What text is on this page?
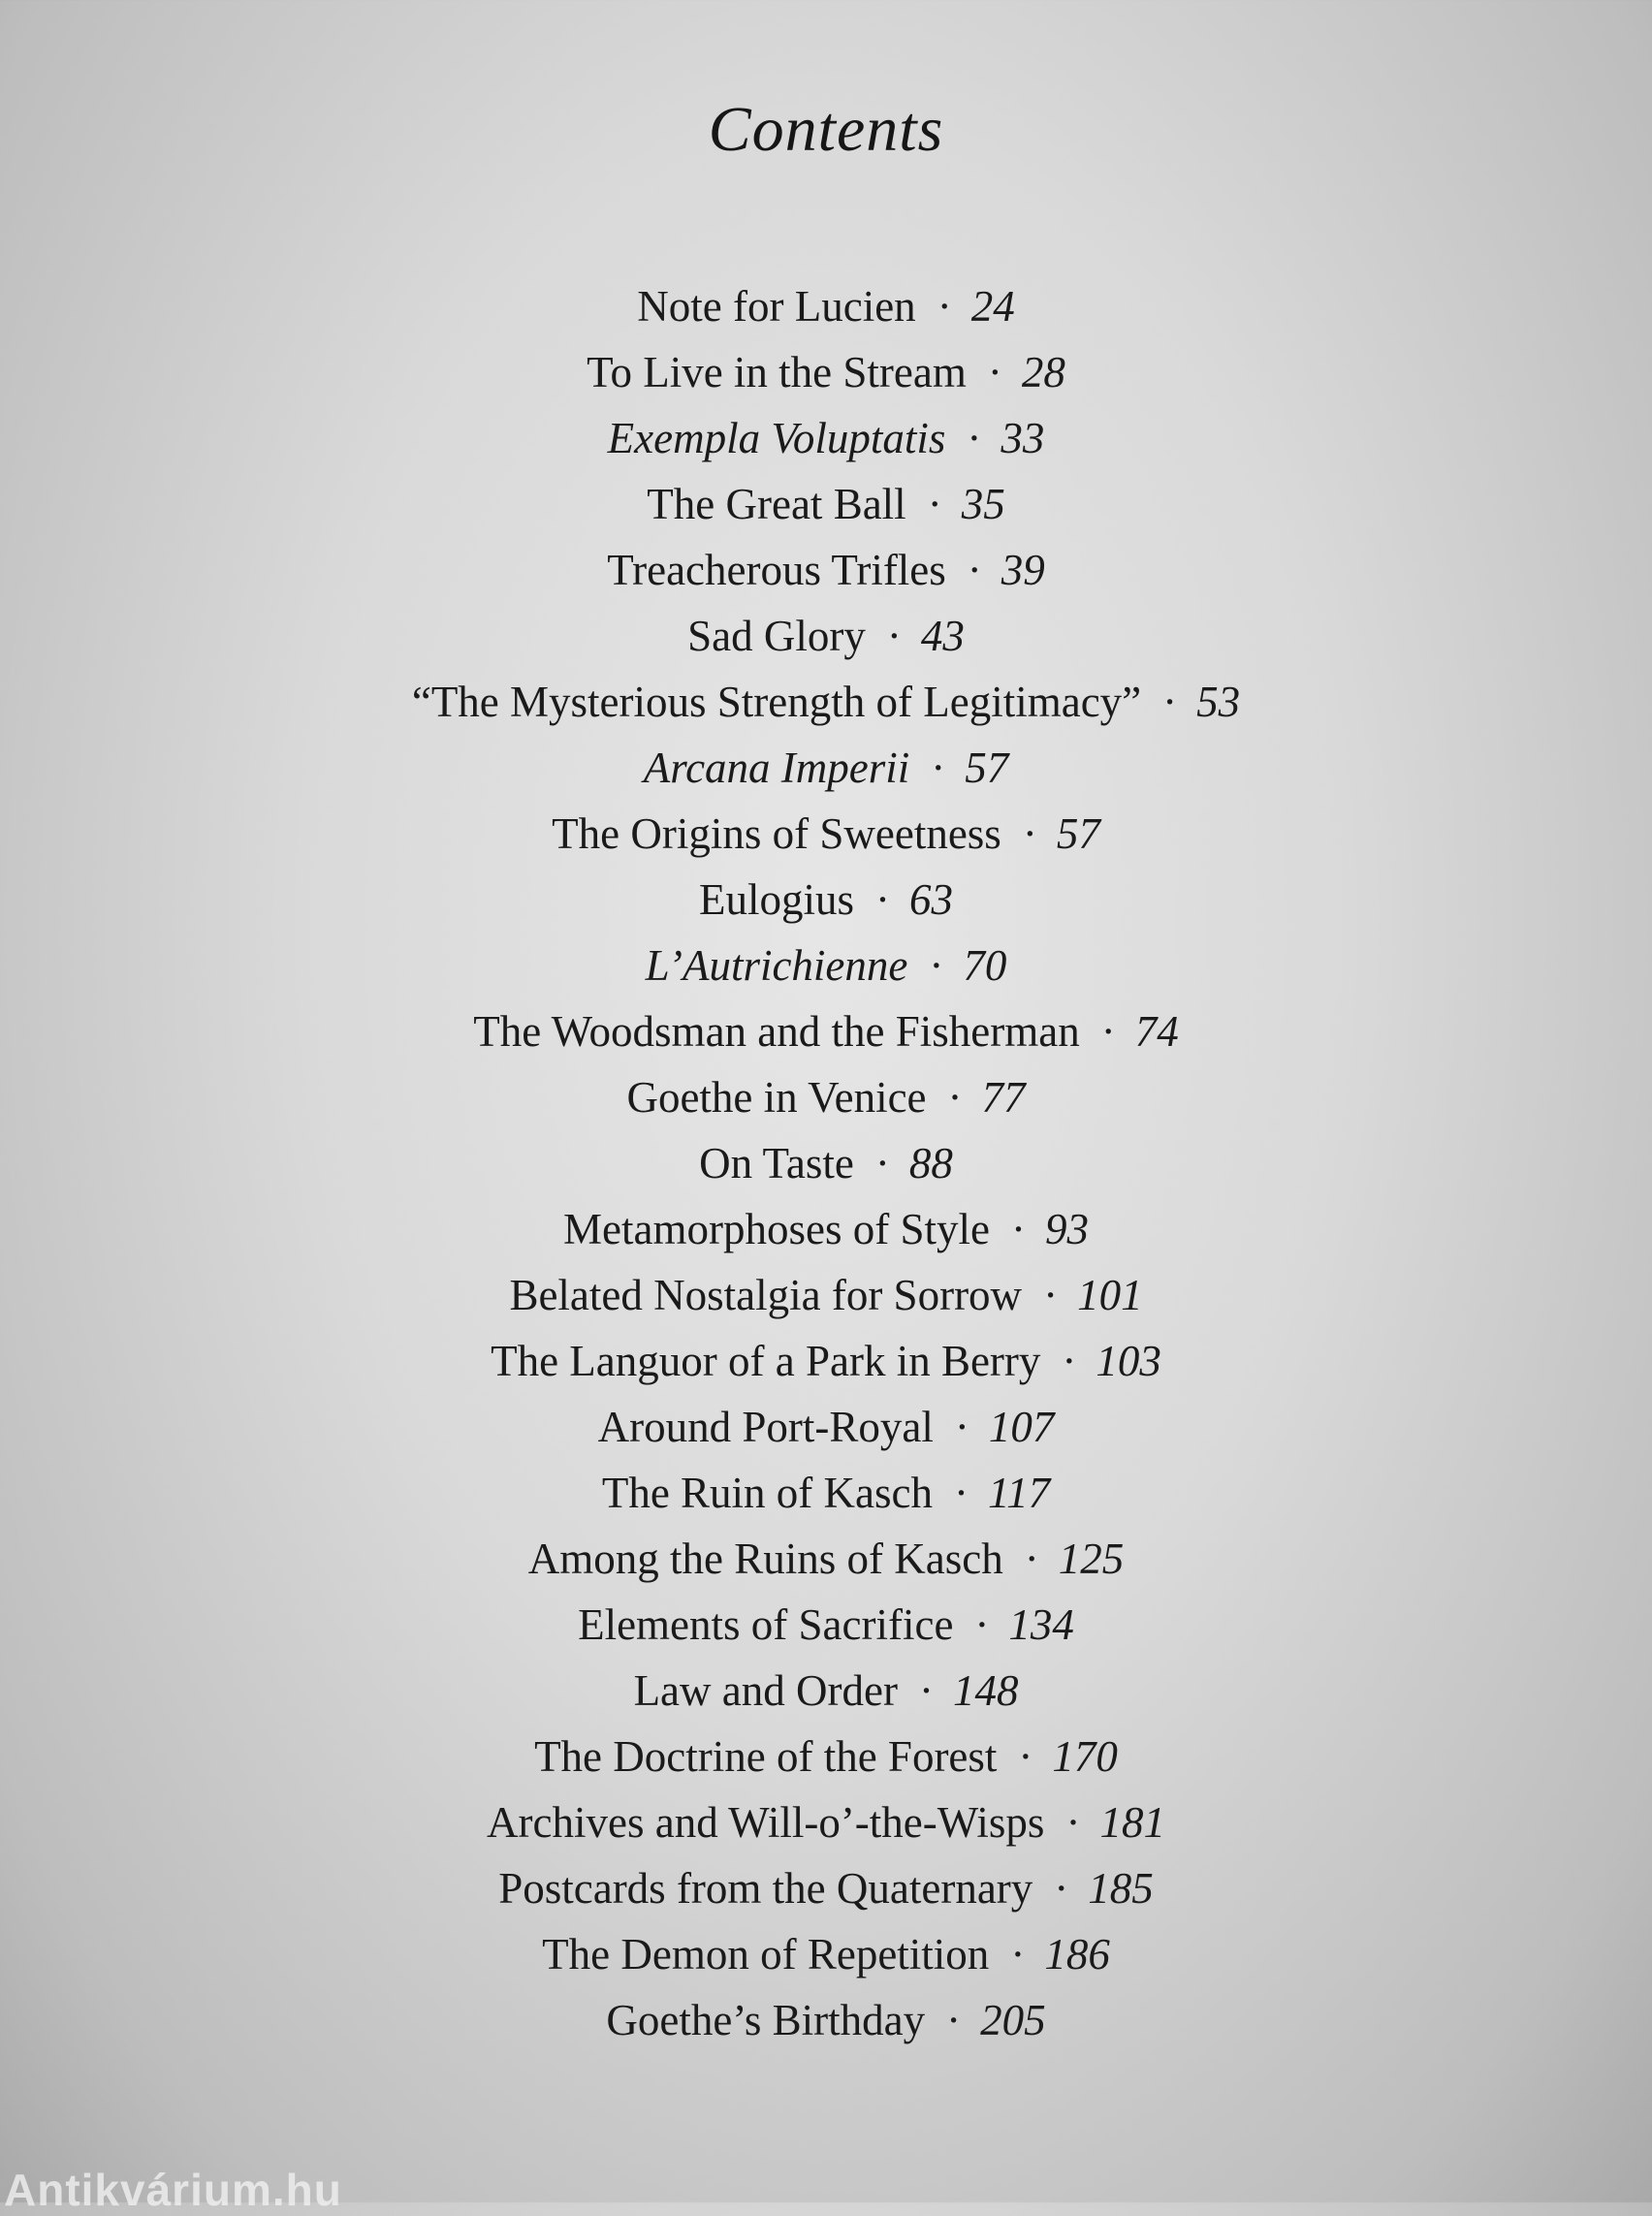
Contents
Note for Lucien · 24
To Live in the Stream · 28
Exempla Voluptatis · 33
The Great Ball · 35
Treacherous Trifles · 39
Sad Glory · 43
“The Mysterious Strength of Legitimacy” · 53
Arcana Imperii · 57
The Origins of Sweetness · 57
Eulogius · 63
L’Autrichienne · 70
The Woodsman and the Fisherman · 74
Goethe in Venice · 77
On Taste · 88
Metamorphoses of Style · 93
Belated Nostalgia for Sorrow · 101
The Languor of a Park in Berry · 103
Around Port-Royal · 107
The Ruin of Kasch · 117
Among the Ruins of Kasch · 125
Elements of Sacrifice · 134
Law and Order · 148
The Doctrine of the Forest · 170
Archives and Will-o’-the-Wisps · 181
Postcards from the Quaternary · 185
The Demon of Repetition · 186
Goethe’s Birthday · 205
Antikvárium.hu
